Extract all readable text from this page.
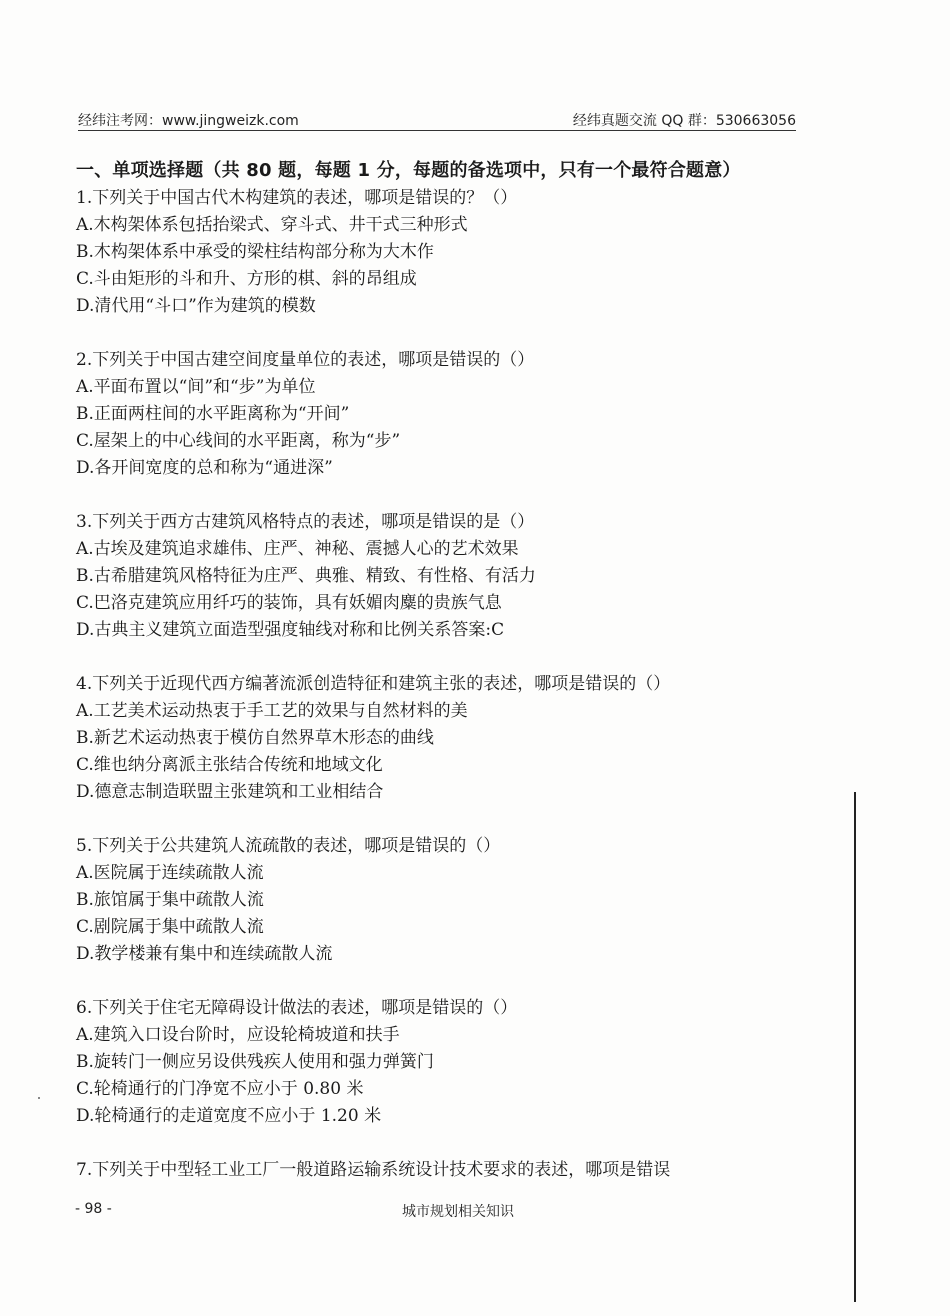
经纬注考网：www.jingweizk.com	经纬真题交流 QQ 群：530663056
一、单项选择题（共 80 题，每题 1 分，每题的备选项中，只有一个最符合题意）
1.下列关于中国古代木构建筑的表述，哪项是错误的？（）
A.木构架体系包括抬梁式、穿斗式、井干式三种形式
B.木构架体系中承受的梁柱结构部分称为大木作
C.斗由矩形的斗和升、方形的棋、斜的昂组成
D.清代用“斗口”作为建筑的模数
2.下列关于中国古建空间度量单位的表述，哪项是错误的（）
A.平面布置以“间”和“步”为单位
B.正面两柱间的水平距离称为“开间”
C.屋架上的中心线间的水平距离，称为“步”
D.各开间宽度的总和称为“通进深”
3.下列关于西方古建筑风格特点的表述，哪项是错误的是（）
A.古埃及建筑追求雄伟、庄严、神秘、震撼人心的艺术效果
B.古希腊建筑风格特征为庄严、典雅、精致、有性格、有活力
C.巴洛克建筑应用纤巧的装饰，具有妖媚肉麋的贵族气息
D.古典主义建筑立面造型强度轴线对称和比例关系答案:C
4.下列关于近现代西方编著流派创造特征和建筑主张的表述，哪项是错误的（）
A.工艺美术运动热衷于手工艺的效果与自然材料的美
B.新艺术运动热衷于模仿自然界草木形态的曲线
C.维也纳分离派主张结合传统和地域文化
D.德意志制造联盟主张建筑和工业相结合
5.下列关于公共建筑人流疏散的表述，哪项是错误的（）
A.医院属于连续疏散人流
B.旅馆属于集中疏散人流
C.剧院属于集中疏散人流
D.教学楼兼有集中和连续疏散人流
6.下列关于住宅无障碍设计做法的表述，哪项是错误的（）
A.建筑入口设台阶时，应设轮椅坡道和扶手
B.旋转门一侧应另设供残疾人使用和强力弹簧门
C.轮椅通行的门净宽不应小于 0.80 米
D.轮椅通行的走道宽度不应小于 1.20 米
7.下列关于中型轻工业工厂一般道路运输系统设计技术要求的表述，哪项是错误
- 98 -	城市规划相关知识
